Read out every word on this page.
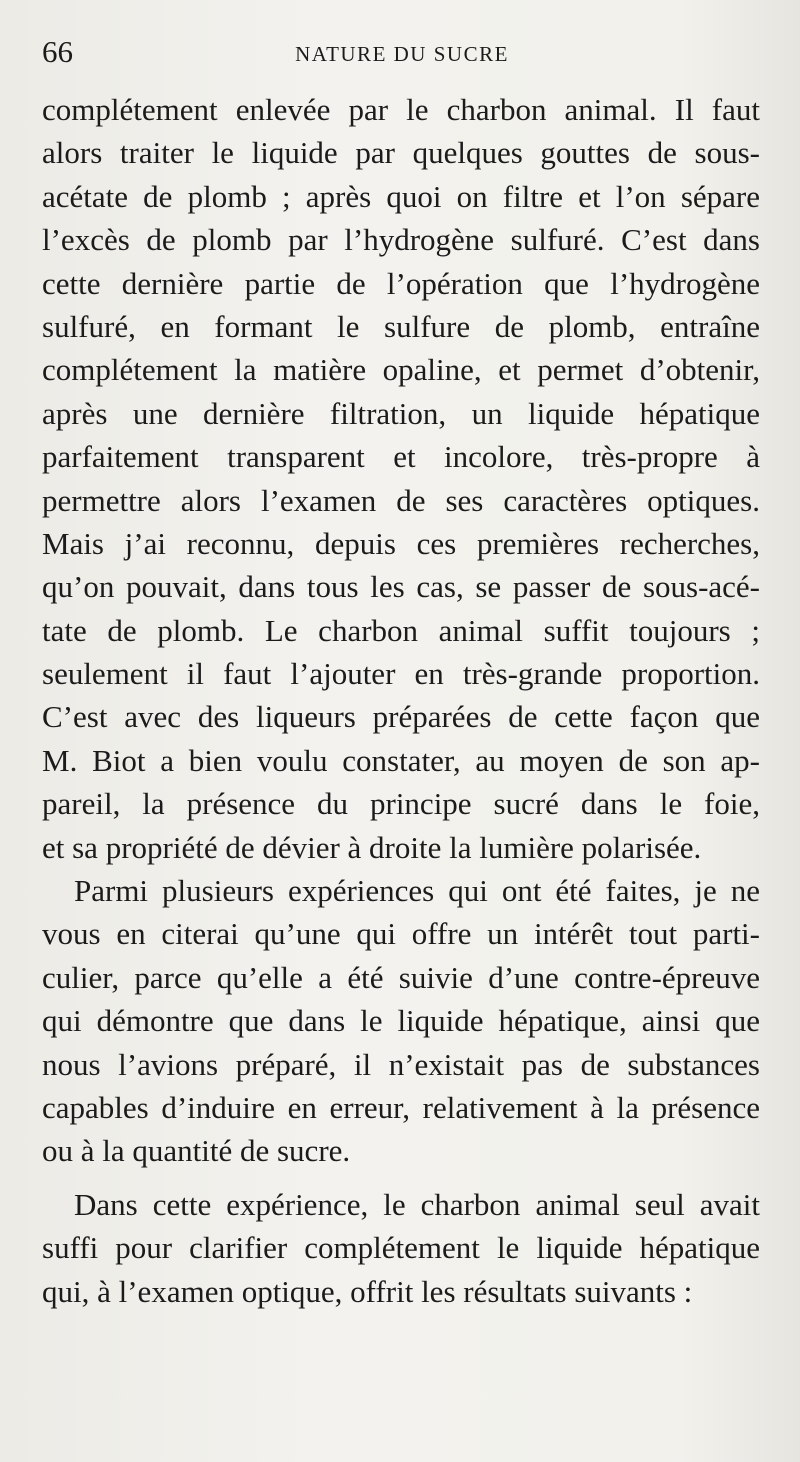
66	NATURE DU SUCRE
complétement enlevée par le charbon animal. Il faut
alors traiter le liquide par quelques gouttes de sous-
acétate de plomb ; après quoi on filtre et l’on sépare
l’excès de plomb par l’hydrogène sulfuré. C’est dans
cette dernière partie de l’opération que l’hydrogène
sulfuré, en formant le sulfure de plomb, entraîne
complétement la matière opaline, et permet d’obtenir,
après une dernière filtration, un liquide hépatique
parfaitement transparent et incolore, très-propre à
permettre alors l’examen de ses caractères optiques.
Mais j’ai reconnu, depuis ces premières recherches,
qu’on pouvait, dans tous les cas, se passer de sous-acé-
tate de plomb. Le charbon animal suffit toujours ;
seulement il faut l’ajouter en très-grande proportion.
C’est avec des liqueurs préparées de cette façon que
M. Biot a bien voulu constater, au moyen de son ap-
pareil, la présence du principe sucré dans le foie,
et sa propriété de dévier à droite la lumière polarisée.
Parmi plusieurs expériences qui ont été faites, je ne
vous en citerai qu’une qui offre un intérêt tout parti-
culier, parce qu’elle a été suivie d’une contre-épreuve
qui démontre que dans le liquide hépatique, ainsi que
nous l’avions préparé, il n’existait pas de substances
capables d’induire en erreur, relativement à la présence
ou à la quantité de sucre.
Dans cette expérience, le charbon animal seul avait
suffi pour clarifier complétement le liquide hépatique
qui, à l’examen optique, offrit les résultats suivants :
